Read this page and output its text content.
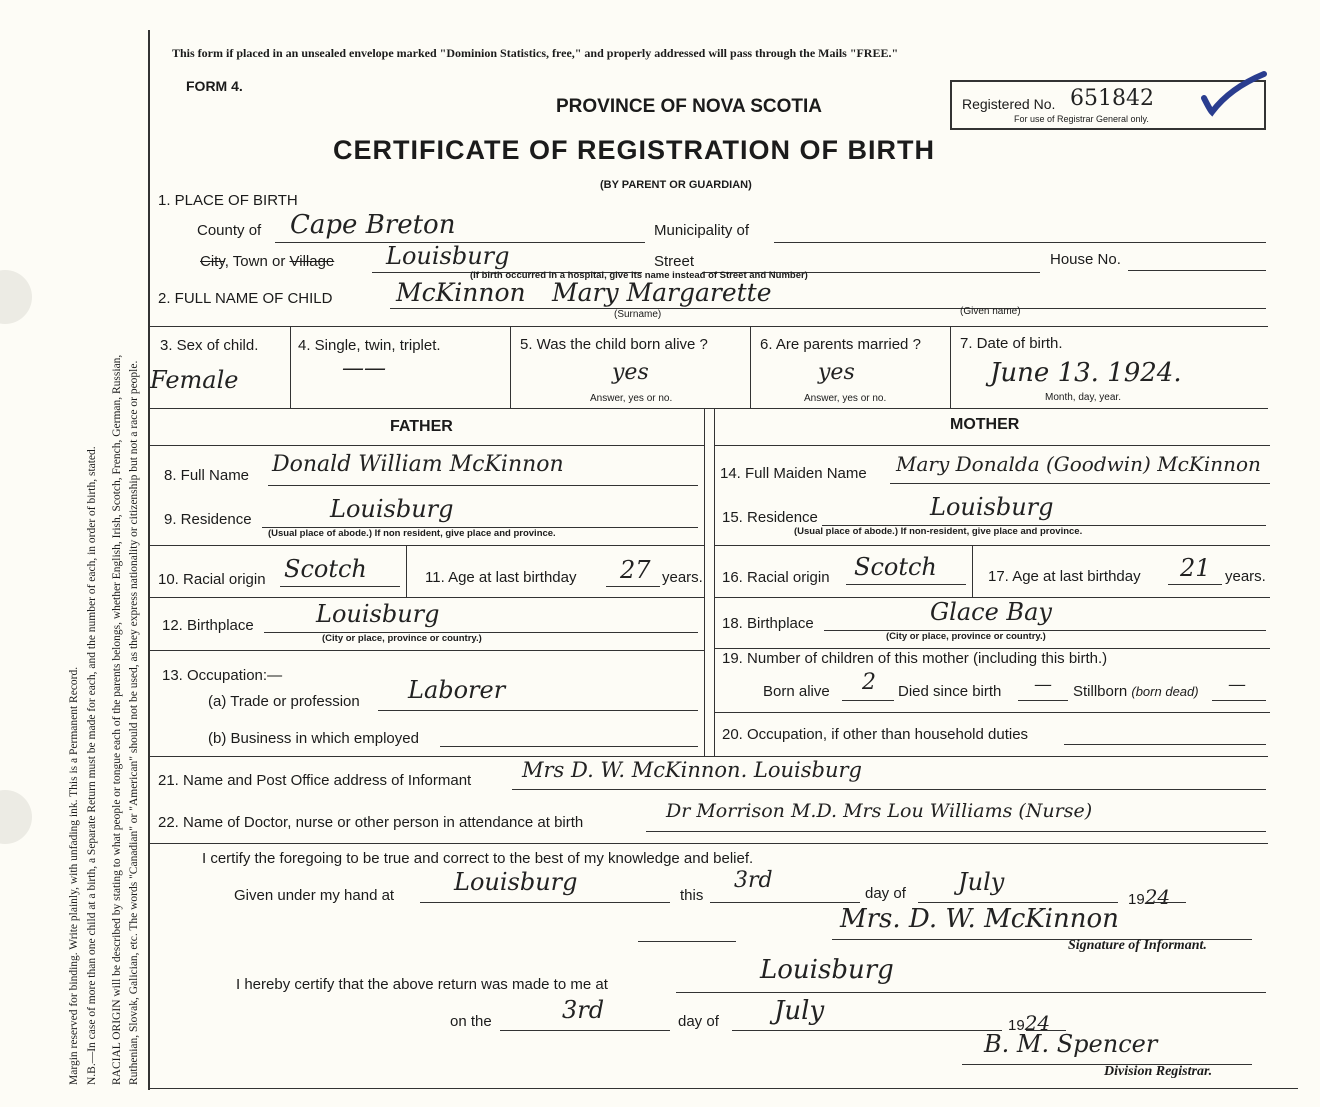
Margin reserved for binding. Write plainly, with unfading ink. This is a Permanent Record. N.B.—In case of more than one child at a birth, a Separate Return must be made for each, and the number of each, in order of birth, stated. RACIAL ORIGIN will be described by stating to what people or tongue each of the parents belongs, whether English, Irish, Scotch, French, German, Russian, Ruthenian, Slovak, Galician, etc. The words "Canadian" or "American" should not be used, as they express nationality or citizenship but not a race or people.
This form if placed in an unsealed envelope marked "Dominion Statistics, free," and properly addressed will pass through the Mails "FREE."
FORM 4.
PROVINCE OF NOVA SCOTIA
CERTIFICATE OF REGISTRATION OF BIRTH
(BY PARENT OR GUARDIAN)
Registered No. 651842
For use of Registrar General only.
1. PLACE OF BIRTH
County of Cape Breton	Municipality of
City, Town or Village Louisburg	Street	House No.
(If birth occurred in a hospital, give its name instead of Street and Number)
2. FULL NAME OF CHILD	McKinnon Mary Margarette
(Surname)	(Given name)
3. Sex of child.
Female
4. Single, twin, triplet.
——
5. Was the child born alive ?
yes
Answer, yes or no.
6. Are parents married ?
yes
Answer, yes or no.
7. Date of birth.
June 13. 1924.
Month, day, year.
FATHER	MOTHER
8. Full Name Donald William McKinnon
9. Residence	Louisburg
(Usual place of abode.) If non resident, give place and province.
10. Racial origin Scotch	11. Age at last birthday 27 years.
12. Birthplace	Louisburg
(City or place, province or country.)
13. Occupation:—
(a) Trade or profession Laborer
(b) Business in which employed
14. Full Maiden Name Mary Donalda (Goodwin) McKinnon
15. Residence	Louisburg
(Usual place of abode.) If non-resident, give place and province.
16. Racial origin Scotch	17. Age at last birthday 21 years.
18. Birthplace	Glace Bay
(City or place, province or country.)
19. Number of children of this mother (including this birth.)
Born alive 2 Died since birth — Stillborn (born dead) —
20. Occupation, if other than household duties
21. Name and Post Office address of Informant Mrs D. W. McKinnon. Louisburg
22. Name of Doctor, nurse or other person in attendance at birth
Dr Morrison M.D. Mrs Lou Williams (Nurse)
I certify the foregoing to be true and correct to the best of my knowledge and belief.
Given under my hand at Louisburg	this
3rd
day of July
1924
Mrs. D. W. McKinnon
Signature of Informant.
I hereby certify that the above return was made to me at	Louisburg
on the	3rd	day of July	1924
B. M. Spencer
Division Registrar.
